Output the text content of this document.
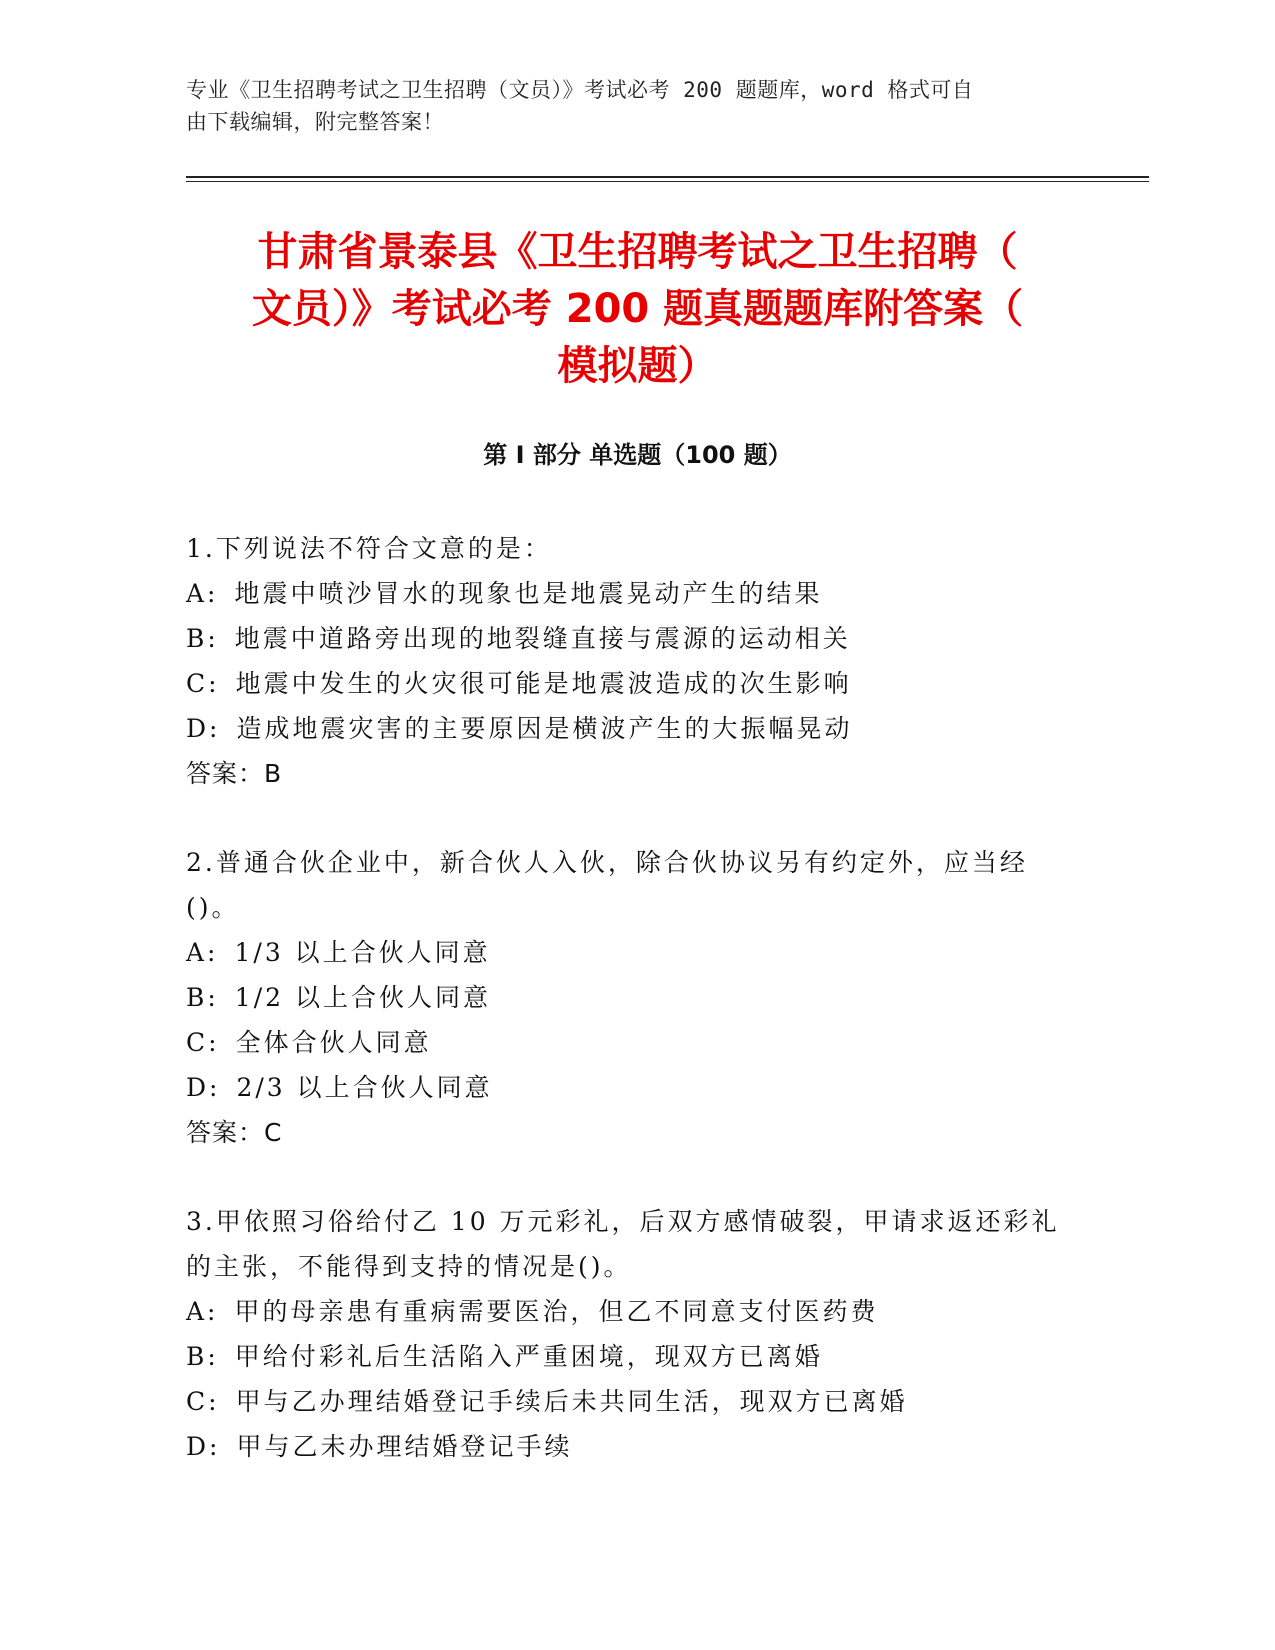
专业《卫生招聘考试之卫生招聘（文员）》考试必考 200 题题库，word 格式可自
由下载编辑，附完整答案！
甘肃省景泰县《卫生招聘考试之卫生招聘（
文员）》考试必考 200 题真题题库附答案（
模拟题）
第 I 部分 单选题（100 题）
1.下列说法不符合文意的是：
A: 地震中喷沙冒水的现象也是地震晃动产生的结果
B: 地震中道路旁出现的地裂缝直接与震源的运动相关
C: 地震中发生的火灾很可能是地震波造成的次生影响
D: 造成地震灾害的主要原因是横波产生的大振幅晃动
答案：B
2.普通合伙企业中，新合伙人入伙，除合伙协议另有约定外，应当经
()。
A: 1/3 以上合伙人同意
B: 1/2 以上合伙人同意
C: 全体合伙人同意
D: 2/3 以上合伙人同意
答案：C
3.甲依照习俗给付乙 10 万元彩礼，后双方感情破裂，甲请求返还彩礼
的主张，不能得到支持的情况是()。
A: 甲的母亲患有重病需要医治，但乙不同意支付医药费
B: 甲给付彩礼后生活陷入严重困境，现双方已离婚
C: 甲与乙办理结婚登记手续后未共同生活，现双方已离婚
D: 甲与乙未办理结婚登记手续
